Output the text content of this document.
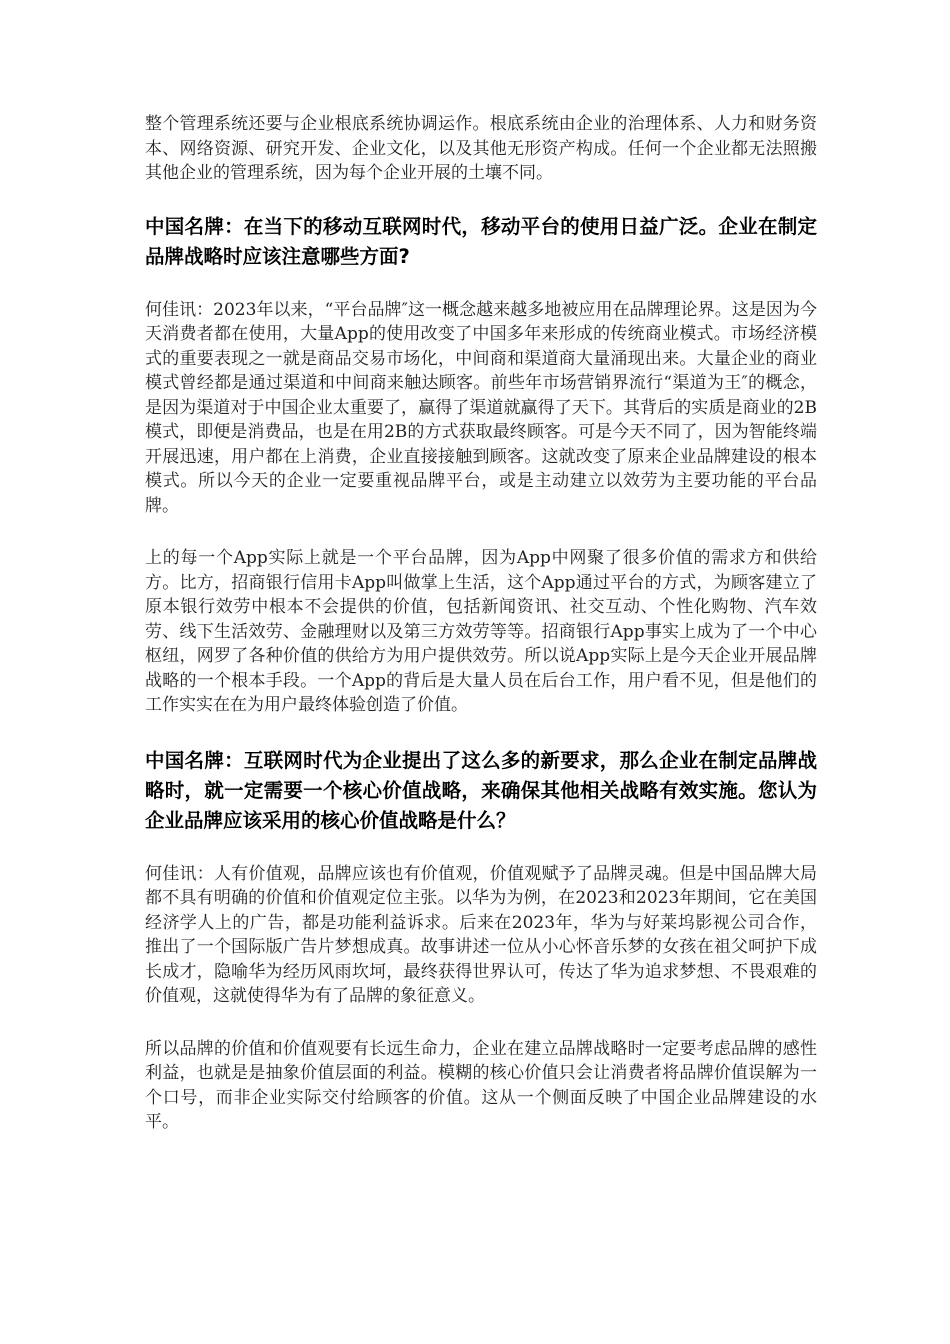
整个管理系统还要与企业根底系统协调运作。根底系统由企业的治理体系、人力和财务资本、网络资源、研究开发、企业文化，以及其他无形资产构成。任何一个企业都无法照搬其他企业的管理系统，因为每个企业开展的土壤不同。

中国名牌：在当下的移动互联网时代，移动平台的使用日益广泛。企业在制定品牌战略时应该注意哪些方面?

何佳讯：2023年以来，“平台品牌″这一概念越来越多地被应用在品牌理论界。这是因为今天消费者都在使用，大量App的使用改变了中国多年来形成的传统商业模式。市场经济模式的重要表现之一就是商品交易市场化，中间商和渠道商大量涌现出来。大量企业的商业模式曾经都是通过渠道和中间商来触达顾客。前些年市场营销界流行“渠道为王″的概念，是因为渠道对于中国企业太重要了，赢得了渠道就赢得了天下。其背后的实质是商业的2B模式，即便是消费品，也是在用2B的方式获取最终顾客。可是今天不同了，因为智能终端开展迅速，用户都在上消费，企业直接接触到顾客。这就改变了原来企业品牌建设的根本模式。所以今天的企业一定要重视品牌平台，或是主动建立以效劳为主要功能的平台品牌。

上的每一个App实际上就是一个平台品牌，因为App中网聚了很多价值的需求方和供给方。比方，招商银行信用卡App叫做掌上生活，这个App通过平台的方式，为顾客建立了原本银行效劳中根本不会提供的价值，包括新闻资讯、社交互动、个性化购物、汽车效劳、线下生活效劳、金融理财以及第三方效劳等等。招商银行App事实上成为了一个中心枢纽，网罗了各种价值的供给方为用户提供效劳。所以说App实际上是今天企业开展品牌战略的一个根本手段。一个App的背后是大量人员在后台工作，用户看不见，但是他们的工作实实在在为用户最终体验创造了价值。

中国名牌：互联网时代为企业提出了这么多的新要求，那么企业在制定品牌战略时，就一定需要一个核心价值战略，来确保其他相关战略有效实施。您认为企业品牌应该采用的核心价值战略是什么？

何佳讯：人有价值观，品牌应该也有价值观，价值观赋予了品牌灵魂。但是中国品牌大局都不具有明确的价值和价值观定位主张。以华为为例，在2023和2023年期间，它在美国经济学人上的广告，都是功能利益诉求。后来在2023年，华为与好莱坞影视公司合作，推出了一个国际版广告片梦想成真。故事讲述一位从小心怀音乐梦的女孩在祖父呵护下成长成才，隐喻华为经历风雨坎坷，最终获得世界认可，传达了华为追求梦想、不畏艰难的价值观，这就使得华为有了品牌的象征意义。

所以品牌的价值和价值观要有长远生命力，企业在建立品牌战略时一定要考虑品牌的感性利益，也就是是抽象价值层面的利益。模糊的核心价值只会让消费者将品牌价值误解为一个口号，而非企业实际交付给顾客的价值。这从一个侧面反映了中国企业品牌建设的水平。
